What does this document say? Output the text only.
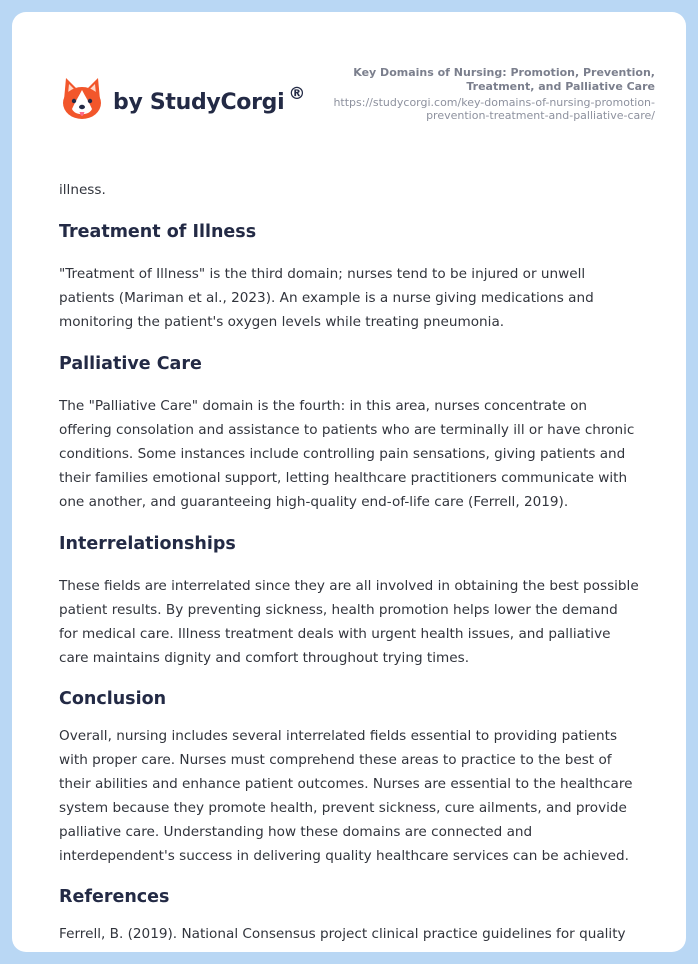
by StudyCorgi ®
Key Domains of Nursing: Promotion, Prevention,
Treatment, and Palliative Care
https://studycorgi.com/key-domains-of-nursing-promotion-
prevention-treatment-and-palliative-care/

illness.

Treatment of Illness

"Treatment of Illness" is the third domain; nurses tend to be injured or unwell
patients (Mariman et al., 2023). An example is a nurse giving medications and
monitoring the patient's oxygen levels while treating pneumonia.

Palliative Care

The "Palliative Care" domain is the fourth: in this area, nurses concentrate on
offering consolation and assistance to patients who are terminally ill or have chronic
conditions. Some instances include controlling pain sensations, giving patients and
their families emotional support, letting healthcare practitioners communicate with
one another, and guaranteeing high-quality end-of-life care (Ferrell, 2019).

Interrelationships

These fields are interrelated since they are all involved in obtaining the best possible
patient results. By preventing sickness, health promotion helps lower the demand
for medical care. Illness treatment deals with urgent health issues, and palliative
care maintains dignity and comfort throughout trying times.

Conclusion

Overall, nursing includes several interrelated fields essential to providing patients
with proper care. Nurses must comprehend these areas to practice to the best of
their abilities and enhance patient outcomes. Nurses are essential to the healthcare
system because they promote health, prevent sickness, cure ailments, and provide
palliative care. Understanding how these domains are connected and
interdependent's success in delivering quality healthcare services can be achieved.

References

Ferrell, B. (2019). National Consensus project clinical practice guidelines for quality
